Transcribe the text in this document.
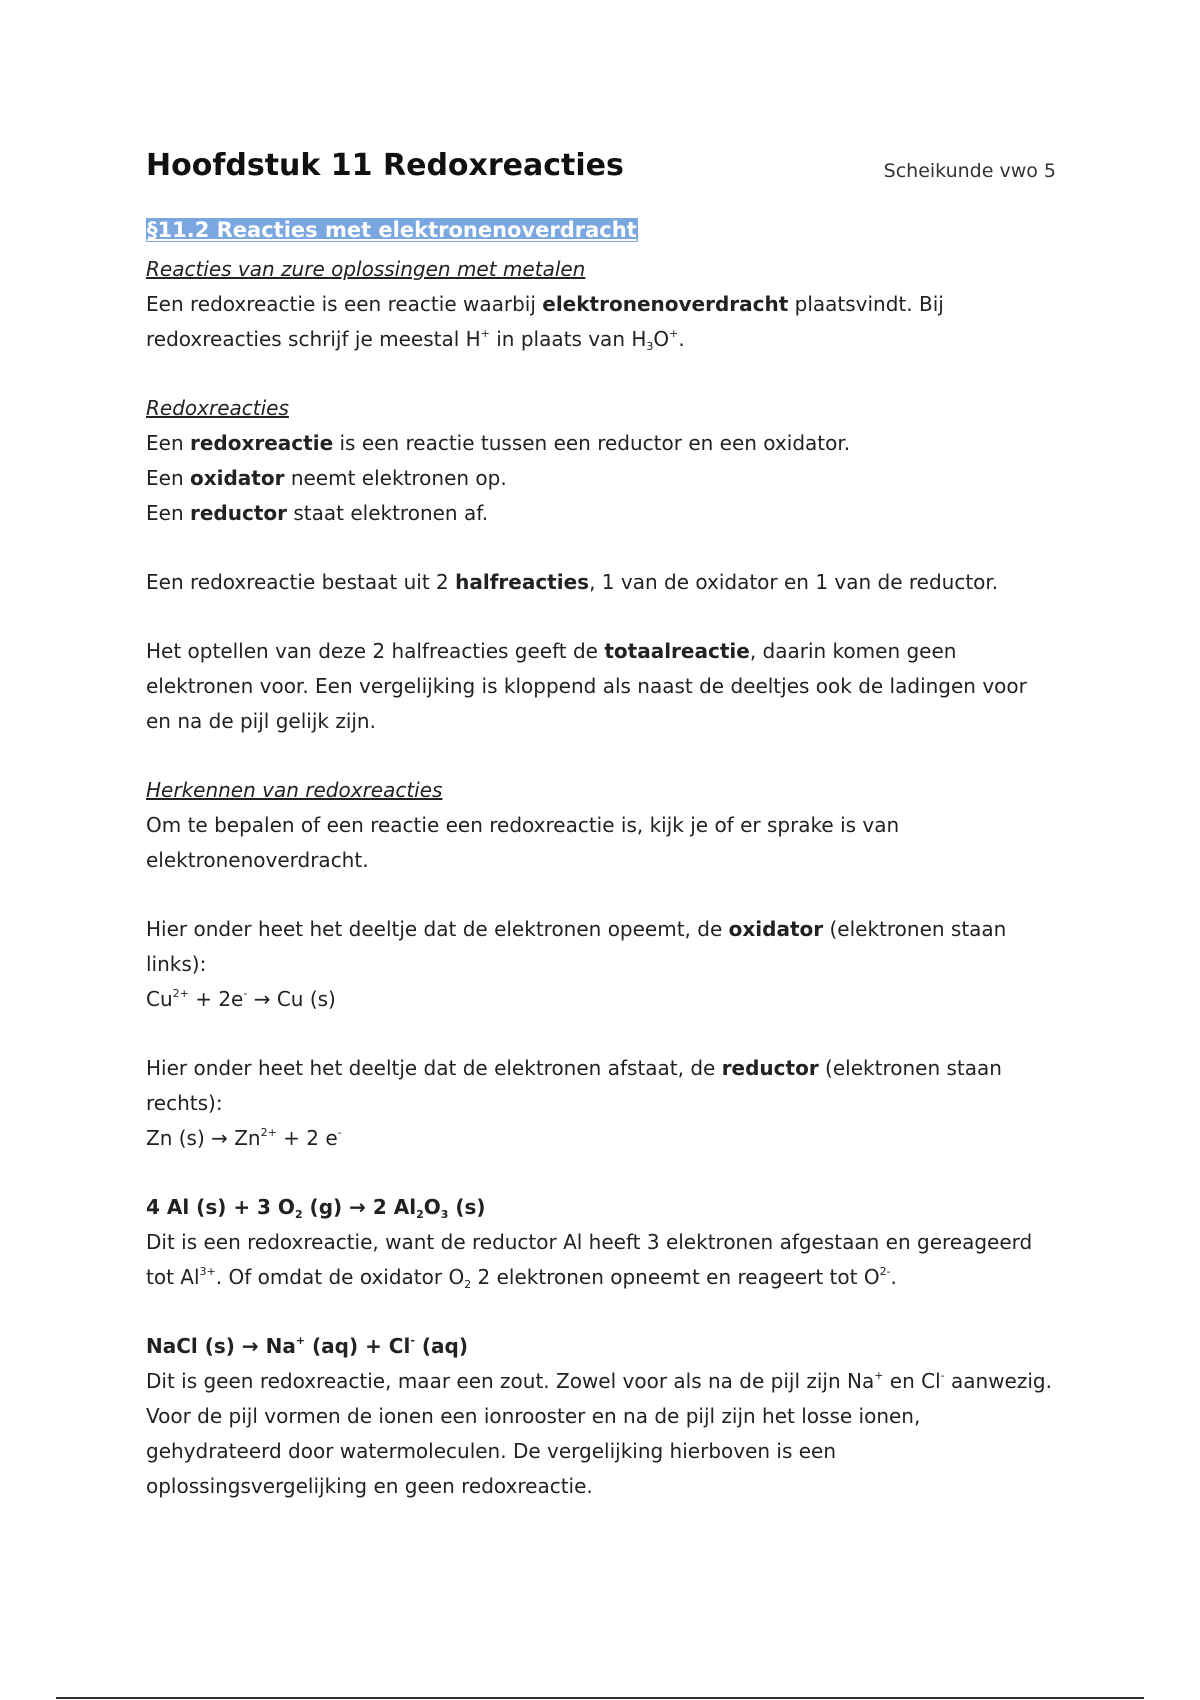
Hoofdstuk 11 Redoxreacties	Scheikunde vwo 5
§11.2 Reacties met elektronenoverdracht

Reacties van zure oplossingen met metalen

Een redoxreactie is een reactie waarbij elektronenoverdracht plaatsvindt. Bij redoxreacties schrijf je meestal H+ in plaats van $H_3O^+$.

Redoxreacties

Een redoxreactie is een reactie tussen een reductor en een oxidator.

Een oxidator neemt elektronen op.

Een reductor staat elektronen af.

Een redoxreactie bestaat uit 2 halfreacties, 1 van de oxidator en 1 van de reductor.

Het optellen van deze 2 halfreacties geeft de totaalreactie, daarin komen geen elektronen voor. Een vergelijking is kloppend als naast de deeltjes ook de ladingen voor en na de pijl gelijk zijn.

Herkennen van redoxreacties

Om te bepalen of een reactie een redoxreactie is, kijk je of er sprake is van elektronenoverdracht.

Hier onder heet het deeltje dat de elektronen opeemt, de oxidator (elektronen staan links):

$Cu^{2+} + 2e^- \to Cu$ (s)

Hier onder heet het deeltje dat de elektronen afstaat, de reductor (elektronen staan rechts):

Zn $(s) \to Zn^{2+} + 2$ e-

4 Al (s) + 3 $O_2$ (g) → 2 $Al_2O_3$ (s)

Dit is een redoxreactie, want de reductor Al heeft 3 elektronen afgestaan en gereageerd tot $Al^{3+}$. Of omdat de oxidator $O_2$ 2 elektronen opneemt en reageert tot $O^{2-}$.

NaCl (s) → Na+ (aq) + Cl- (aq)

Dit is geen redoxreactie, maar een zout. Zowel voor als na de pijl zijn Na+ en Cl- aanwezig. Voor de pijl vormen de ionen een ionrooster en na de pijl zijn het losse ionen, gehydrateerd door watermoleculen. De vergelijking hierboven is een oplossingsvergelijking en geen redoxreactie.
